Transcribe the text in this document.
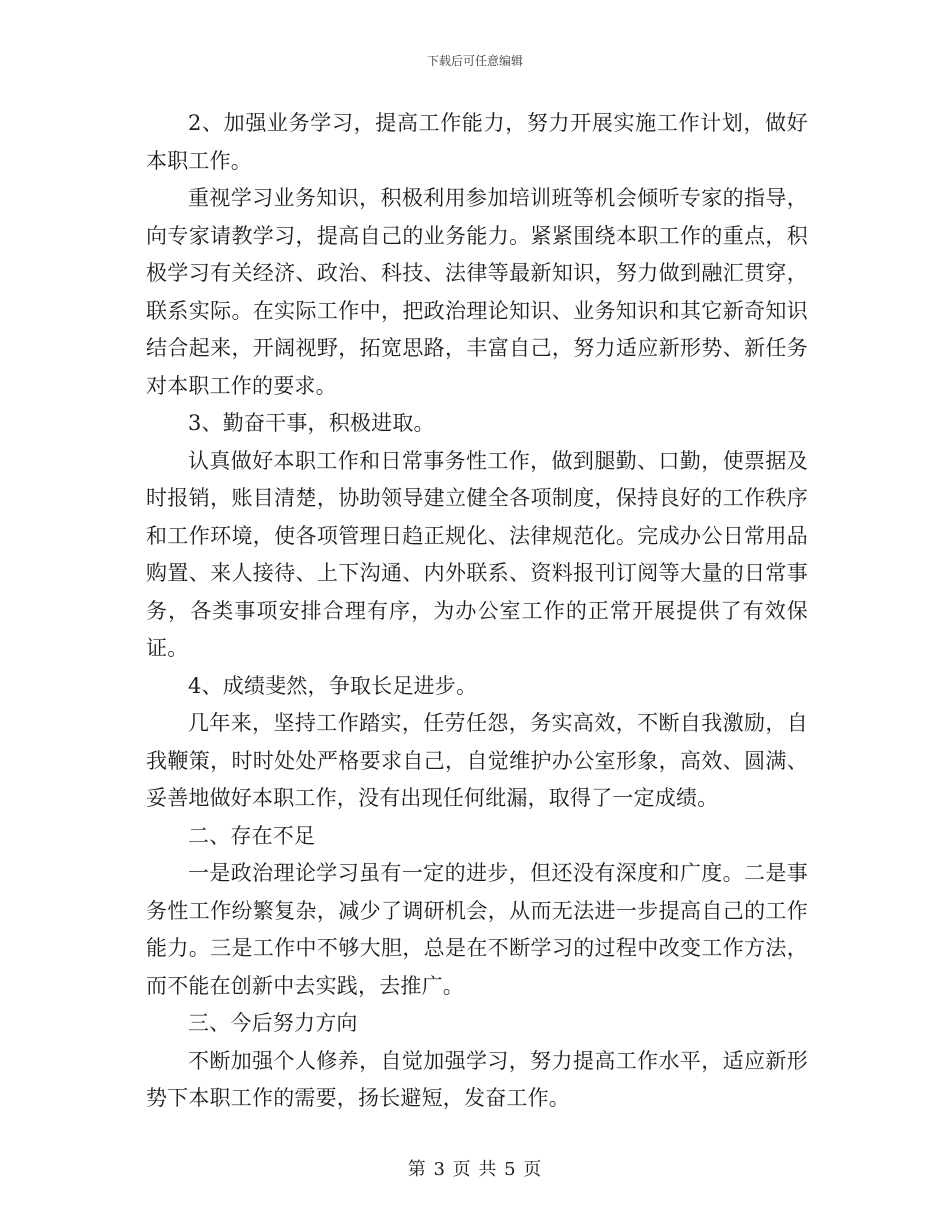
下载后可任意编辑

2、加强业务学习，提高工作能力，努力开展实施工作计划，做好本职工作。

重视学习业务知识，积极利用参加培训班等机会倾听专家的指导，向专家请教学习，提高自己的业务能力。紧紧围绕本职工作的重点，积极学习有关经济、政治、科技、法律等最新知识，努力做到融汇贯穿，联系实际。在实际工作中，把政治理论知识、业务知识和其它新奇知识结合起来，开阔视野，拓宽思路，丰富自己，努力适应新形势、新任务对本职工作的要求。

3、勤奋干事，积极进取。

认真做好本职工作和日常事务性工作，做到腿勤、口勤，使票据及时报销，账目清楚，协助领导建立健全各项制度，保持良好的工作秩序和工作环境，使各项管理日趋正规化、法律规范化。完成办公日常用品购置、来人接待、上下沟通、内外联系、资料报刊订阅等大量的日常事务，各类事项安排合理有序，为办公室工作的正常开展提供了有效保证。

4、成绩斐然，争取长足进步。

几年来，坚持工作踏实，任劳任怨，务实高效，不断自我激励，自我鞭策，时时处处严格要求自己，自觉维护办公室形象，高效、圆满、妥善地做好本职工作，没有出现任何纰漏，取得了一定成绩。

二、存在不足

一是政治理论学习虽有一定的进步，但还没有深度和广度。二是事务性工作纷繁复杂，减少了调研机会，从而无法进一步提高自己的工作能力。三是工作中不够大胆，总是在不断学习的过程中改变工作方法，而不能在创新中去实践，去推广。

三、今后努力方向

不断加强个人修养，自觉加强学习，努力提高工作水平，适应新形势下本职工作的需要，扬长避短，发奋工作。

第 3 页 共 5 页
